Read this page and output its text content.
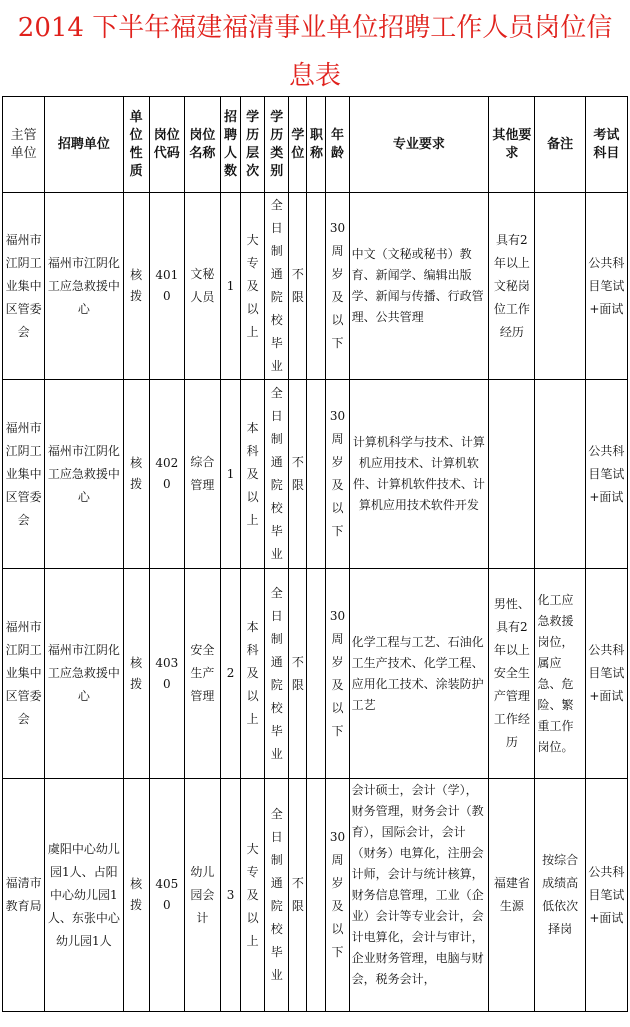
2014 下半年福建福清事业单位招聘工作人员岗位信
息表
主管单位	招聘单位	单位性质	岗位代码	岗位名称	招聘人数	学历层次	学历类别	学位	职称	年龄	专业要求	其他要求	备注	考试科目
福州市江阴工业集中区管委会	福州市江阴化工应急救援中心	核拨	4010	文秘人员	1	大专及以上	全日制通院校毕业	不限		30周岁及以下	中文（文秘或秘书）教育、新闻学、编辑出版学、新闻与传播、行政管理、公共管理	具有2年以上文秘岗位工作经历		公共科目笔试+面试
福州市江阴工业集中区管委会	福州市江阴化工应急救援中心	核拨	4020	综合管理	1	本科及以上	全日制通院校毕业	不限		30周岁及以下	计算机科学与技术、计算机应用技术、计算机软件、计算机软件技术、计算机应用技术软件开发			公共科目笔试+面试
福州市江阴工业集中区管委会	福州市江阴化工应急救援中心	核拨	4030	安全生产管理	2	本科及以上	全日制通院校毕业	不限		30周岁及以下	化学工程与工艺、石油化工生产技术、化学工程、应用化工技术、涂装防护工艺	男性、具有2年以上安全生产管理工作经历	化工应急救援岗位，属应急、危险、繁重工作岗位。	公共科目笔试+面试
福清市教育局	虞阳中心幼儿园1人、占阳中心幼儿园1人、东张中心幼儿园1人	核拨	4050	幼儿园会计	3	大专及以上	全日制通院校毕业	不限		30周岁及以下	会计硕士，会计（学），财务管理，财务会计（教育），国际会计，会计（财务）电算化，注册会计师，会计与统计核算，财务信息管理，工业（企业）会计等专业会计，会计电算化，会计与审计，企业财务管理，电脑与财会，税务会计，	福建省生源	按综合成绩高低依次择岗	公共科目笔试+面试
